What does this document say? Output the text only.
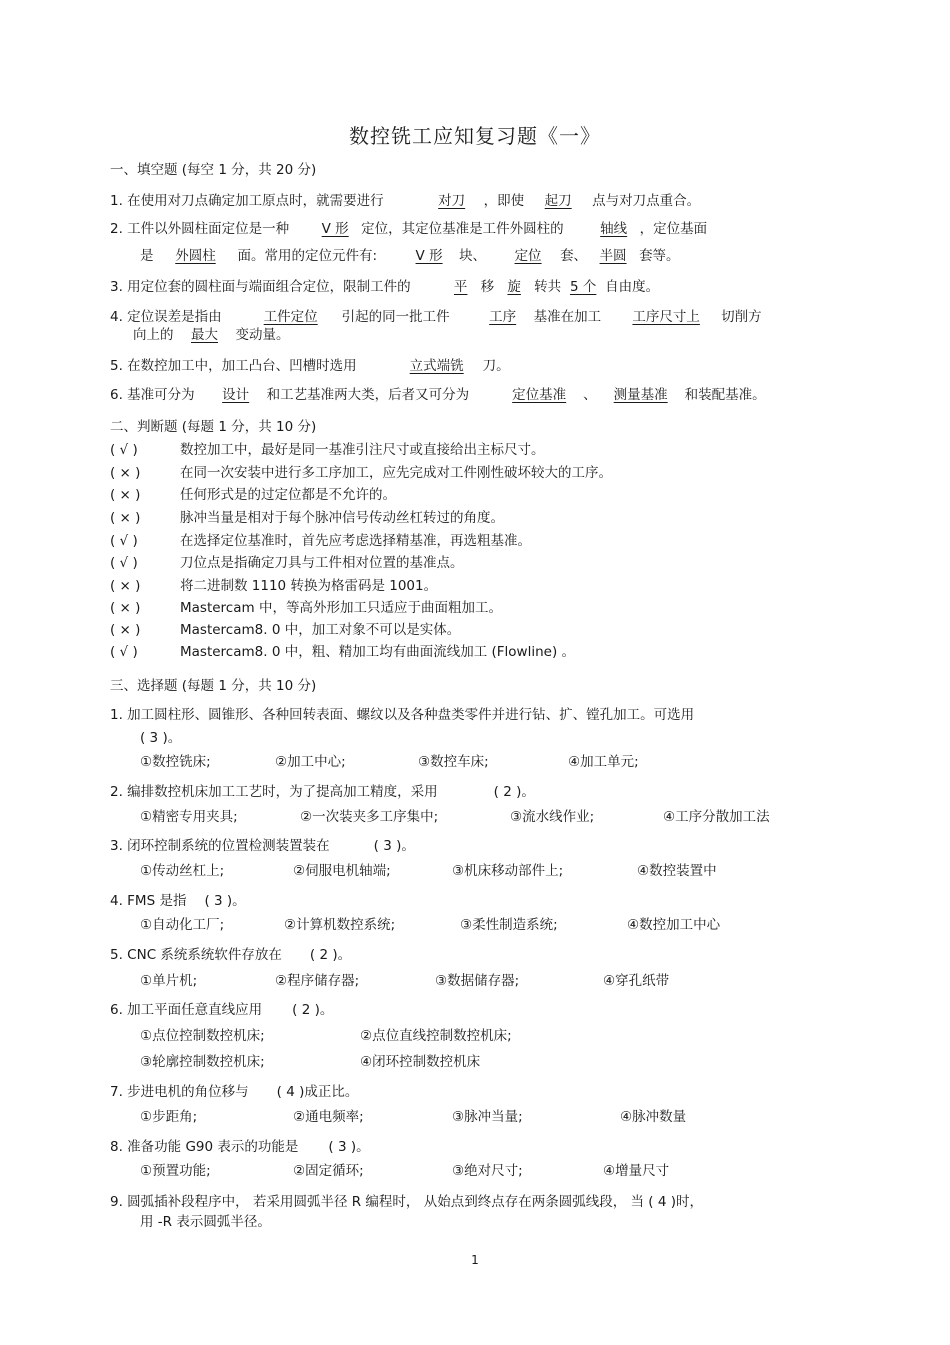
数控铣工应知复习题《一》
一、填空题 (每空 1 分，共 20 分)
1. 在使用对刀点确定加工原点时，就需要进行	对刀 ，即使 起刀 点与对刀点重合。
2. 工件以外圆柱面定位是一种 V 形 定位，其定位基准是工件外圆柱的	轴线 ，定位基面
是 外圆柱 面。常用的定位元件有:	V 形 块、 定位 套、 半圆 套等。
3. 用定位套的圆柱面与端面组合定位，限制工件的	平 移 旋 转共 5 个 自由度。
4. 定位误差是指由	工件定位 引起的同一批工件	工序 基准在加工 工序尺寸上 切削方
向上的 最大 变动量。
5. 在数控加工中，加工凸台、凹槽时选用	立式端铣 刀。
6. 基准可分为 设计 和工艺基准两大类，后者又可分为	定位基准 、 测量基准 和装配基准。
二、判断题 (每题 1 分，共 10 分)
( √ )	数控加工中，最好是同一基准引注尺寸或直接给出主标尺寸。
( × )	在同一次安装中进行多工序加工，应先完成对工件刚性破坏较大的工序。
( × )	任何形式是的过定位都是不允许的。
( × )	脉冲当量是相对于每个脉冲信号传动丝杠转过的角度。
( √ )	在选择定位基准时，首先应考虑选择精基准，再选粗基准。
( √ )	刀位点是指确定刀具与工件相对位置的基准点。
( × )	将二进制数 1110 转换为格雷码是 1001。
( × )	Mastercam 中，等高外形加工只适应于曲面粗加工。
( × )	Mastercam8. 0 中，加工对象不可以是实体。
( √ )	Mastercam8. 0 中，粗、精加工均有曲面流线加工 (Flowline) 。
三、选择题 (每题 1 分，共 10 分)
1. 加工圆柱形、圆锥形、各种回转表面、螺纹以及各种盘类零件并进行钻、扩、镗孔加工。可选用
( 3 )。
①数控铣床;	②加工中心;	③数控车床;	④加工单元;
2. 编排数控机床加工工艺时，为了提高加工精度，采用	( 2 )。
①精密专用夹具;	②一次装夹多工序集中;	③流水线作业;	④工序分散加工法
3. 闭环控制系统的位置检测装置装在	( 3 )。
①传动丝杠上;	②伺服电机轴端;	③机床移动部件上;	④数控装置中
4. FMS 是指 ( 3 )。
①自动化工厂;	②计算机数控系统;	③柔性制造系统;	④数控加工中心
5. CNC 系统系统软件存放在 ( 2 )。
①单片机;	②程序储存器;	③数据储存器;	④穿孔纸带
6. 加工平面任意直线应用 ( 2 )。
①点位控制数控机床;	②点位直线控制数控机床;
③轮廓控制数控机床;	④闭环控制数控机床
7. 步进电机的角位移与 ( 4 )成正比。
①步距角;	②通电频率;	③脉冲当量;	④脉冲数量
8. 准备功能 G90 表示的功能是 ( 3 )。
①预置功能;	②固定循环;	③绝对尺寸;	④增量尺寸
9. 圆弧插补段程序中， 若采用圆弧半径 R 编程时， 从始点到终点存在两条圆弧线段， 当 ( 4 )时，
用 -R 表示圆弧半径。
1
